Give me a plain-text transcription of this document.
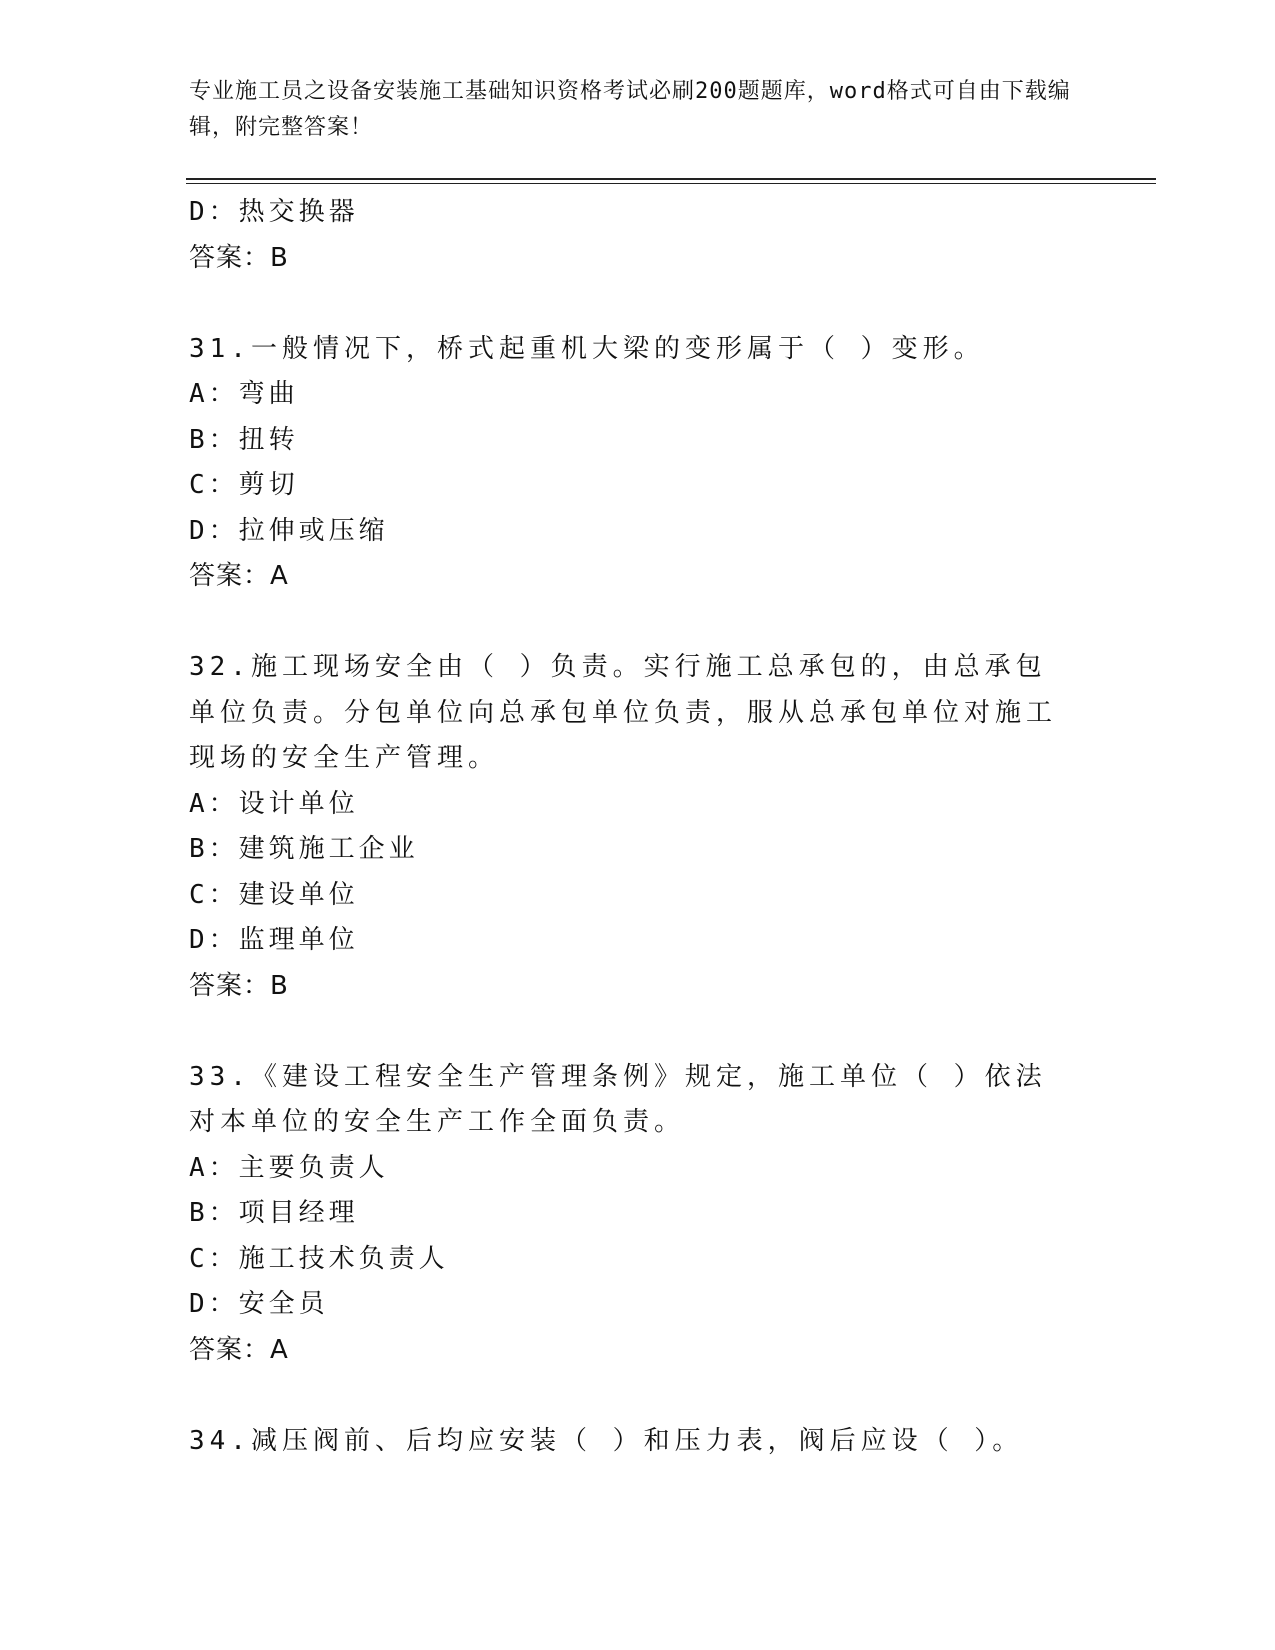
专业施工员之设备安装施工基础知识资格考试必刷200题题库，word格式可自由下载编辑，附完整答案！
D：热交换器
答案：B
31.一般情况下，桥式起重机大梁的变形属于（ ）变形。
A：弯曲
B：扭转
C：剪切
D：拉伸或压缩
答案：A
32.施工现场安全由（ ）负责。实行施工总承包的，由总承包单位负责。分包单位向总承包单位负责，服从总承包单位对施工现场的安全生产管理。
A：设计单位
B：建筑施工企业
C：建设单位
D：监理单位
答案：B
33.《建设工程安全生产管理条例》规定，施工单位（ ）依法对本单位的安全生产工作全面负责。
A：主要负责人
B：项目经理
C：施工技术负责人
D：安全员
答案：A
34.减压阀前、后均应安装（ ）和压力表，阀后应设（ ）。
